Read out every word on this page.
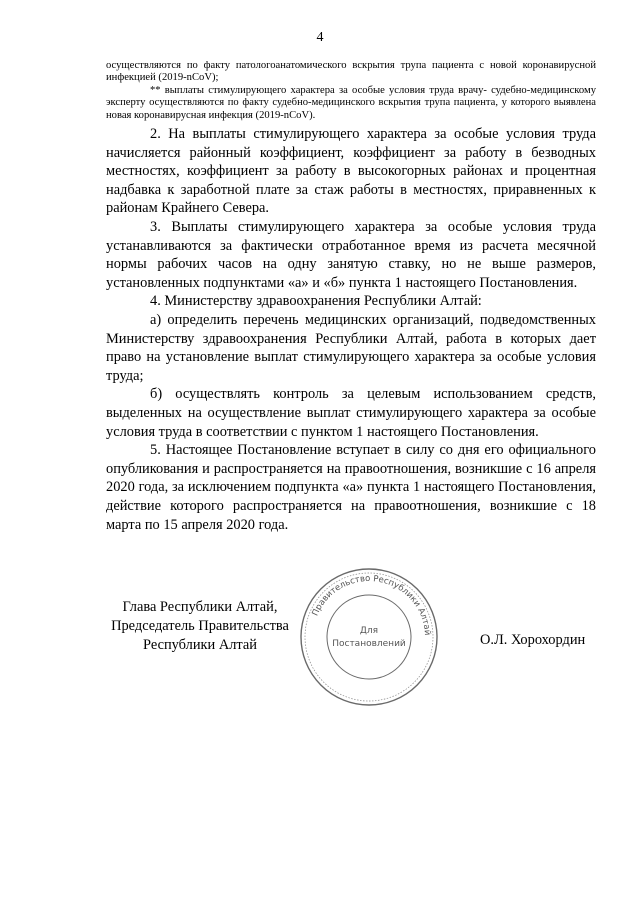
4

осуществляются по факту патологоанатомического вскрытия трупа пациента с новой коронавирусной инфекцией (2019-nCoV);

** выплаты стимулирующего характера за особые условия труда врачу- судебно-медицинскому эксперту осуществляются по факту судебно-медицинского вскрытия трупа пациента, у которого выявлена новая коронавирусная инфекция (2019-nCoV).

2. На выплаты стимулирующего характера за особые условия труда начисляется районный коэффициент, коэффициент за работу в безводных местностях, коэффициент за работу в высокогорных районах и процентная надбавка к заработной плате за стаж работы в местностях, приравненных к районам Крайнего Севера.

3. Выплаты стимулирующего характера за особые условия труда устанавливаются за фактически отработанное время из расчета месячной нормы рабочих часов на одну занятую ставку, но не выше размеров, установленных подпунктами «а» и «б» пункта 1 настоящего Постановления.

4. Министерству здравоохранения Республики Алтай:

а) определить перечень медицинских организаций, подведомственных Министерству здравоохранения Республики Алтай, работа в которых дает право на установление выплат стимулирующего характера за особые условия труда;

б) осуществлять контроль за целевым использованием средств, выделенных на осуществление выплат стимулирующего характера за особые условия труда в соответствии с пунктом 1 настоящего Постановления.

5. Настоящее Постановление вступает в силу со дня его официального опубликования и распространяется на правоотношения, возникшие с 16 апреля 2020 года, за исключением подпункта «а» пункта 1 настоящего Постановления, действие которого распространяется на правоотношения, возникшие с 18 марта по 15 апреля 2020 года.

Глава Республики Алтай,
Председатель Правительства
Республики Алтай	О.Л. Хорохордин
Правительство Республики Алтай
Для
Постановлений
